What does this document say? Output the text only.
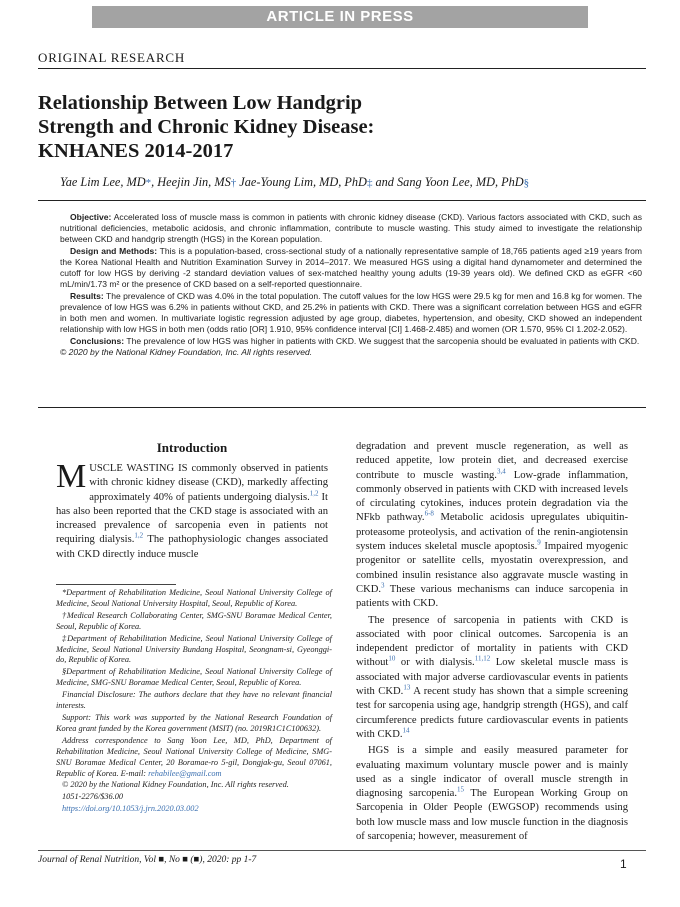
ARTICLE IN PRESS
ORIGINAL RESEARCH
Relationship Between Low Handgrip
Strength and Chronic Kidney Disease:
KNHANES 2014-2017
Yae Lim Lee, MD*, Heejin Jin, MS† Jae-Young Lim, MD, PhD‡ and Sang Yoon Lee, MD, PhD§

Objective: Accelerated loss of muscle mass is common in patients with chronic kidney disease (CKD). Various factors associated with CKD, such as nutritional deficiencies, metabolic acidosis, and chronic inflammation, contribute to muscle wasting. This study aimed to investigate the relationship between CKD and handgrip strength (HGS) in the Korean population.

Design and Methods: This is a population-based, cross-sectional study of a nationally representative sample of 18,765 patients aged ≥19 years from the Korea National Health and Nutrition Examination Survey in 2014–2017. We measured HGS using a digital hand dynamometer and determined the cutoff for low HGS by deriving -2 standard deviation values of sex-matched healthy young adults (19-39 years old). We defined CKD as eGFR <60 mL/min/1.73 m² or the presence of CKD based on a self-reported questionnaire.

Results: The prevalence of CKD was 4.0% in the total population. The cutoff values for the low HGS were 29.5 kg for men and 16.8 kg for women. The prevalence of low HGS was 6.2% in patients without CKD, and 25.2% in patients with CKD. There was a significant correlation between HGS and eGFR in both men and women. In multivariate logistic regression adjusted by age group, diabetes, hypertension, and obesity, CKD showed an independent relationship with low HGS in both men (odds ratio [OR] 1.910, 95% confidence interval [CI] 1.468-2.485) and women (OR 1.570, 95% CI 1.202-2.052).

Conclusions: The prevalence of low HGS was higher in patients with CKD. We suggest that the sarcopenia should be evaluated in patients with CKD.

© 2020 by the National Kidney Foundation, Inc. All rights reserved.

Introduction

MUSCLE WASTING IS commonly observed in patients with chronic kidney disease (CKD), markedly affecting approximately 40% of patients undergoing dialysis.$^{1,2}$ It has also been reported that the CKD stage is associated with an increased prevalence of sarcopenia even in patients not requiring dialysis.$^{1,2}$ The pathophysiologic changes associated with CKD directly induce muscle

*Department of Rehabilitation Medicine, Seoul National University College of Medicine, Seoul National University Hospital, Seoul, Republic of Korea.

†Medical Research Collaborating Center, SMG-SNU Boramae Medical Center, Seoul, Republic of Korea.

‡Department of Rehabilitation Medicine, Seoul National University College of Medicine, Seoul National University Bundang Hospital, Seongnam-si, Gyeonggi-do, Republic of Korea.

§Department of Rehabilitation Medicine, Seoul National University College of Medicine, SMG-SNU Boramae Medical Center, Seoul, Republic of Korea.

Financial Disclosure: The authors declare that they have no relevant financial interests.

Support: This work was supported by the National Research Foundation of Korea grant funded by the Korea government (MSIT) (no. 2019R1C1C100632).

Address correspondence to Sang Yoon Lee, MD, PhD, Department of Rehabilitation Medicine, Seoul National University College of Medicine, SMG-SNU Boramae Medical Center, 20 Boramae-ro 5-gil, Dongjak-gu, Seoul 07061, Republic of Korea. E-mail: rehabilee@gmail.com

© 2020 by the National Kidney Foundation, Inc. All rights reserved.

1051-2276/$36.00

https://doi.org/10.1053/j.jrn.2020.03.002

degradation and prevent muscle regeneration, as well as reduced appetite, low protein diet, and decreased exercise contribute to muscle wasting.$^{3,4}$ Low-grade inflammation, commonly observed in patients with CKD with increased levels of circulating cytokines, induces protein degradation via the NFkb pathway.$^{6-8}$ Metabolic acidosis upregulates ubiquitin-proteasome proteolysis, and activation of the renin-angiotensin system induces skeletal muscle apoptosis.$^9$ Impaired myogenic progenitor or satellite cells, myostatin overexpression, and combined insulin resistance also aggravate muscle wasting in CKD.$^3$ These various mechanisms can induce sarcopenia in patients with CKD.

The presence of sarcopenia in patients with CKD is associated with poor clinical outcomes. Sarcopenia is an independent predictor of mortality in patients with CKD without$^{10}$ or with dialysis.$^{11,12}$ Low skeletal muscle mass is associated with major adverse cardiovascular events in patients with CKD.$^{13}$ A recent study has shown that a simple screening test for sarcopenia using age, handgrip strength (HGS), and calf circumference predicts future cardiovascular events in patients with CKD.$^{14}$

HGS is a simple and easily measured parameter for evaluating maximum voluntary muscle power and is mainly used as a single indicator of overall muscle strength in diagnosing sarcopenia.$^{15}$ The European Working Group on Sarcopenia in Older People (EWGSOP) recommends using both low muscle mass and low muscle function in the diagnosis of sarcopenia; however, measurement of

Journal of Renal Nutrition, Vol ■, No ■ (■), 2020: pp 1-7	1
